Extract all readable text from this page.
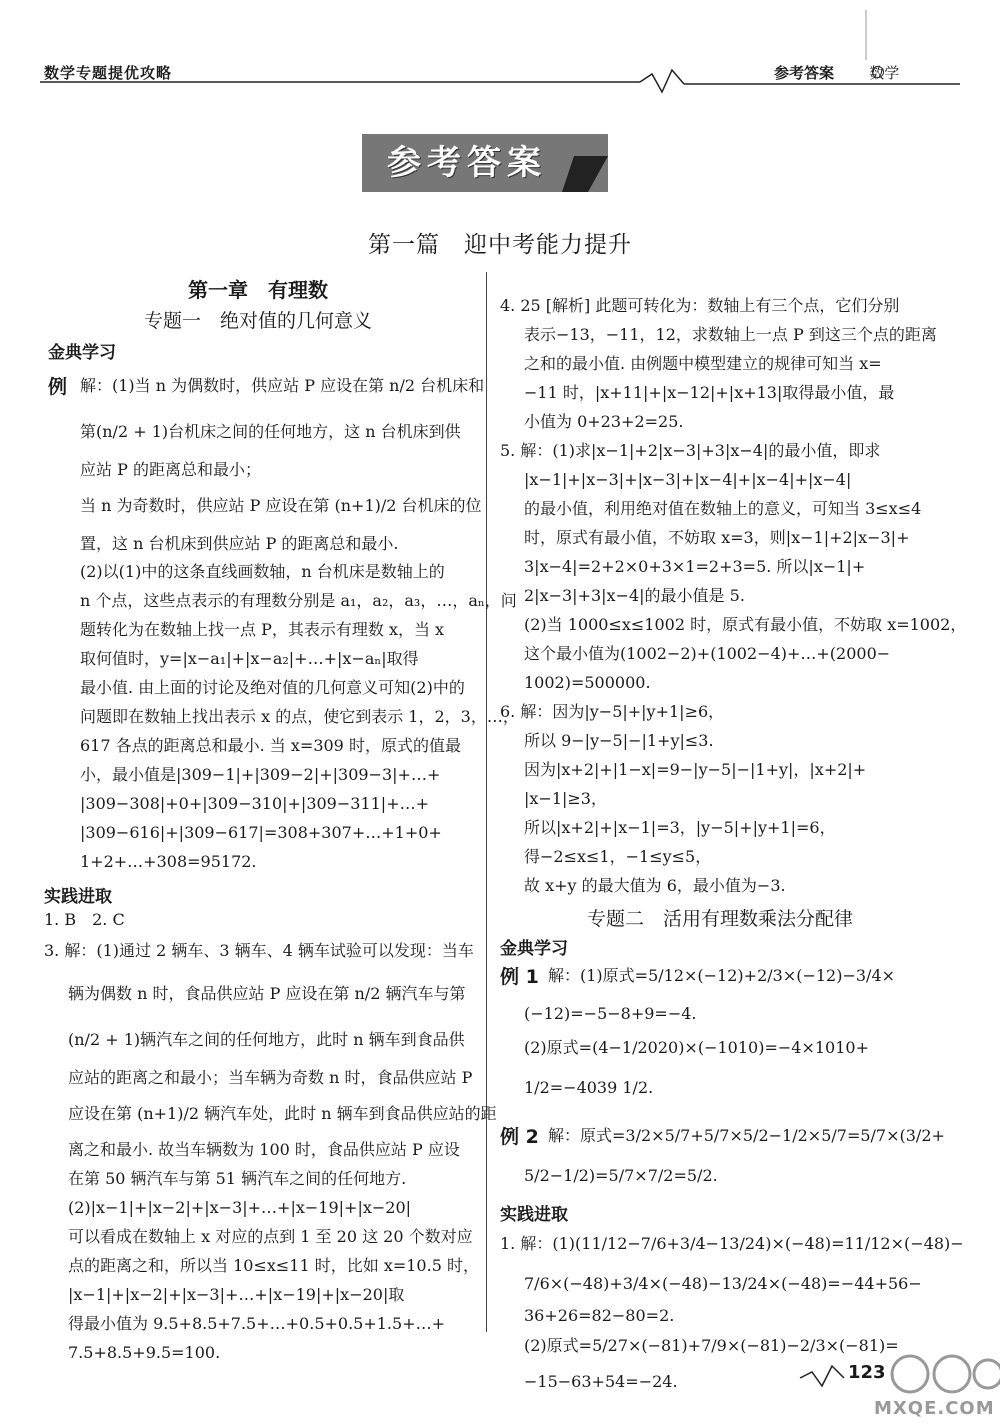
数学专题提优攻略	参考答案 数学
参考答案
第一篇　迎中考能力提升
第一章　有理数
专题一　绝对值的几何意义
金典学习
例 解：(1)当 n 为偶数时，供应站 P 应设在第 n/2 台机床和
第(n/2 + 1)台机床之间的任何地方，这 n 台机床到供
应站 P 的距离总和最小；
当 n 为奇数时，供应站 P 应设在第 (n+1)/2 台机床的位
置，这 n 台机床到供应站 P 的距离总和最小.
(2)以(1)中的这条直线画数轴，n 台机床是数轴上的
n 个点，这些点表示的有理数分别是 a₁，a₂，a₃，…，aₙ，问
题转化为在数轴上找一点 P，其表示有理数 x，当 x
取何值时，y=|x−a₁|+|x−a₂|+…+|x−aₙ|取得
最小值. 由上面的讨论及绝对值的几何意义可知(2)中的
问题即在数轴上找出表示 x 的点，使它到表示 1，2，3，…，
617 各点的距离总和最小. 当 x=309 时，原式的值最
小，最小值是|309−1|+|309−2|+|309−3|+…+
|309−308|+0+|309−310|+|309−311|+…+
|309−616|+|309−617|=308+307+…+1+0+
1+2+…+308=95172.
实践进取
1. B　2. C
3. 解：(1)通过 2 辆车、3 辆车、4 辆车试验可以发现：当车
辆为偶数 n 时，食品供应站 P 应设在第 n/2 辆汽车与第
(n/2 + 1)辆汽车之间的任何地方，此时 n 辆车到食品供
应站的距离之和最小；当车辆为奇数 n 时，食品供应站 P
应设在第 (n+1)/2 辆汽车处，此时 n 辆车到食品供应站的距
离之和最小. 故当车辆数为 100 时，食品供应站 P 应设
在第 50 辆汽车与第 51 辆汽车之间的任何地方.
(2)|x−1|+|x−2|+|x−3|+…+|x−19|+|x−20|
可以看成在数轴上 x 对应的点到 1 至 20 这 20 个数对应
点的距离之和，所以当 10≤x≤11 时，比如 x=10.5 时，
|x−1|+|x−2|+|x−3|+…+|x−19|+|x−20|取
得最小值为 9.5+8.5+7.5+…+0.5+0.5+1.5+…+
7.5+8.5+9.5=100.
4. 25 [解析] 此题可转化为：数轴上有三个点，它们分别
表示−13，−11，12，求数轴上一点 P 到这三个点的距离
之和的最小值. 由例题中模型建立的规律可知当 x=
−11 时，|x+11|+|x−12|+|x+13|取得最小值，最
小值为 0+23+2=25.
5. 解：(1)求|x−1|+2|x−3|+3|x−4|的最小值，即求
|x−1|+|x−3|+|x−3|+|x−4|+|x−4|+|x−4|
的最小值，利用绝对值在数轴上的意义，可知当 3≤x≤4
时，原式有最小值，不妨取 x=3，则|x−1|+2|x−3|+
3|x−4|=2+2×0+3×1=2+3=5. 所以|x−1|+
2|x−3|+3|x−4|的最小值是 5.
(2)当 1000≤x≤1002 时，原式有最小值，不妨取 x=1002，
这个最小值为(1002−2)+(1002−4)+…+(2000−
1002)=500000.
6. 解：因为|y−5|+|y+1|≥6，
所以 9−|y−5|−|1+y|≤3.
因为|x+2|+|1−x|=9−|y−5|−|1+y|，|x+2|+
|x−1|≥3，
所以|x+2|+|x−1|=3，|y−5|+|y+1|=6，
得−2≤x≤1，−1≤y≤5，
故 x+y 的最大值为 6，最小值为−3.
专题二　活用有理数乘法分配律
金典学习
例 1 解：(1)原式=5/12×(−12)+2/3×(−12)−3/4×
(−12)=−5−8+9=−4.
(2)原式=(4−1/2020)×(−1010)=−4×1010+
1/2=−4039 1/2.
例 2 解：原式=3/2×5/7+5/7×5/2−1/2×5/7=5/7×(3/2+
5/2−1/2)=5/7×7/2=5/2.
实践进取
1. 解：(1)(11/12−7/6+3/4−13/24)×(−48)=11/12×(−48)−
7/6×(−48)+3/4×(−48)−13/24×(−48)=−44+56−
36+26=82−80=2.
(2)原式=5/27×(−81)+7/9×(−81)−2/3×(−81)=
−15−63+54=−24.	123
MXQE.COM
